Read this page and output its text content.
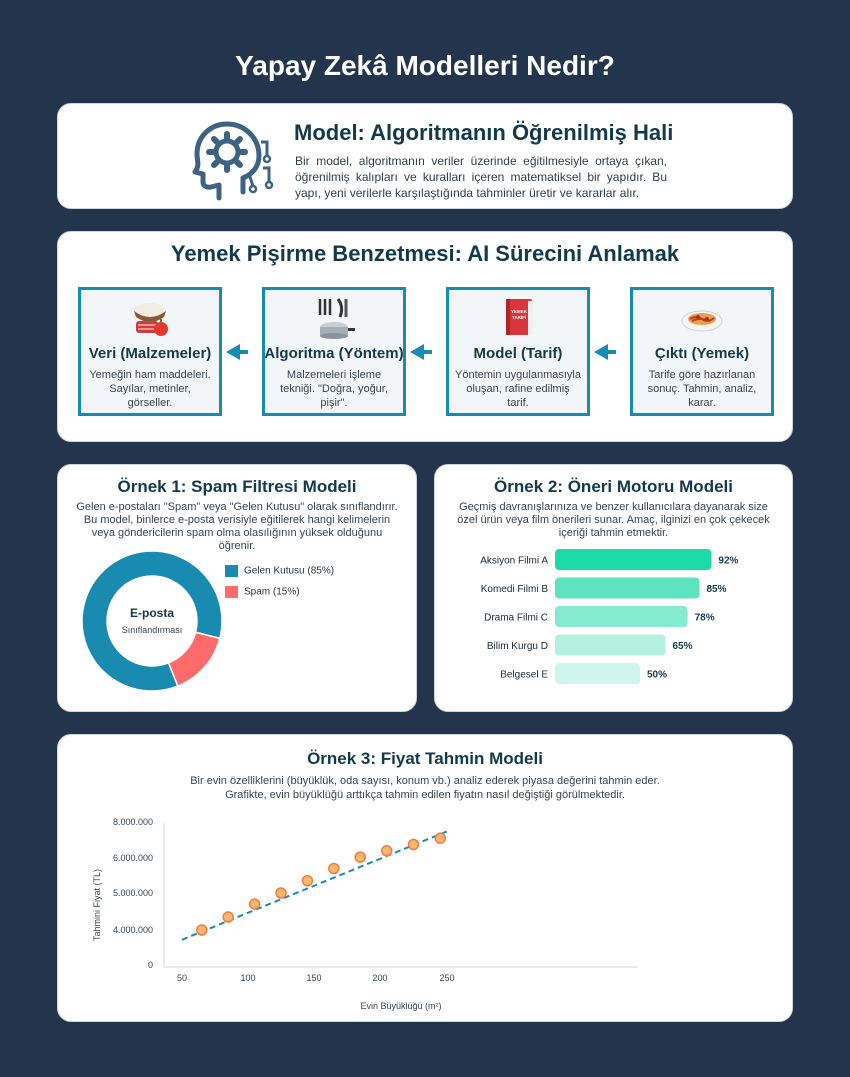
Yapay Zekâ Modelleri Nedir?
Model: Algoritmanın Öğrenilmiş Hali
Bir model, algoritmanın veriler üzerinde eğitilmesiyle ortaya çıkan, öğrenilmiş kalıpları ve kuralları içeren matematiksel bir yapıdır. Bu yapı, yeni verilerle karşılaştığında tahminler üretir ve kararlar alır.
Yemek Pişirme Benzetmesi: AI Sürecini Anlamak
Veri (Malzemeler)
Yemeğin ham maddeleri. Sayılar, metinler, görseller.
Algoritma (Yöntem)
Malzemeleri işleme tekniği. "Doğra, yoğur, pişir".
YEMEK
TARİFİ
Model (Tarif)
Yöntemin uygulanmasıyla oluşan, rafine edilmiş tarif.
Çıktı (Yemek)
Tarife göre hazırlanan sonuç. Tahmin, analiz, karar.
Örnek 1: Spam Filtresi Modeli
Gelen e-postaları "Spam" veya "Gelen Kutusu" olarak sınıflandırır. Bu model, binlerce e-posta verisiyle eğitilerek hangi kelimelerin veya göndericilerin spam olma olasılığının yüksek olduğunu öğrenir.
E-posta
Sınıflandırması
Gelen Kutusu (85%)
Spam (15%)
Örnek 2: Öneri Motoru Modeli
Geçmiş davranışlarınıza ve benzer kullanıcılara dayanarak size özel ürün veya film önerileri sunar. Amaç, ilginizi en çok çekecek içeriği tahmin etmektir.
Aksiyon Filmi A	92%
Komedi Filmi B	85%
Drama Filmi C	78%
Bilim Kurgu D	65%
Belgesel E	50%
Örnek 3: Fiyat Tahmin Modeli
Bir evin özelliklerini (büyüklük, oda sayısı, konum vb.) analiz ederek piyasa değerini tahmin eder.
Grafikte, evin büyüklüğü arttıkça tahmin edilen fiyatın nasıl değiştiği görülmektedir.
50	100	150	200	250
0
4.000.000
5.000.000
6.000.000
8.000.000
Evin Büyüklüğü (m²)
Tahmini Fiyat (TL)
